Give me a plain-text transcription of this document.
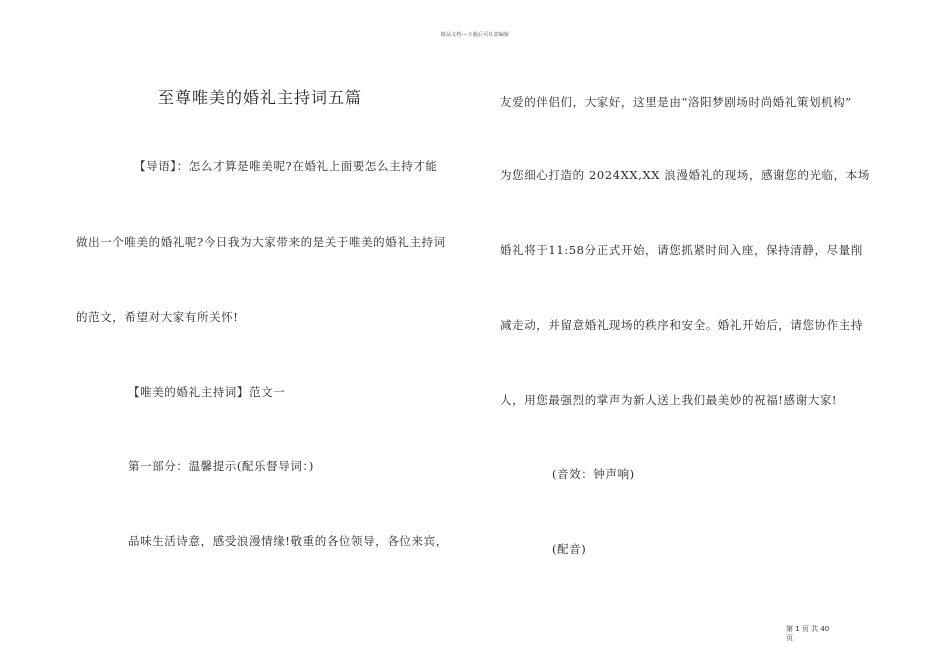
精品文档---下载后可任意编辑
至尊唯美的婚礼主持词五篇
【导语】：怎么才算是唯美呢?在婚礼上面要怎么主持才能
做出一个唯美的婚礼呢?今日我为大家带来的是关于唯美的婚礼主持词
的范文，希望对大家有所关怀!
【唯美的婚礼主持词】范文一
第一部分：温馨提示(配乐督导词：)
品味生活诗意，感受浪漫情缘!敬重的各位领导，各位来宾，
友爱的伴侣们，大家好，这里是由“洛阳梦剧场时尚婚礼策划机构”
为您细心打造的 2024XX,XX 浪漫婚礼的现场，感谢您的光临，本场
婚礼将于11:58分正式开始，请您抓紧时间入座，保持清静，尽量削
减走动，并留意婚礼现场的秩序和安全。婚礼开始后，请您协作主持
人，用您最强烈的掌声为新人送上我们最美妙的祝福!感谢大家!
(音效：钟声响)
(配音)
第 1 页 共 40 页
